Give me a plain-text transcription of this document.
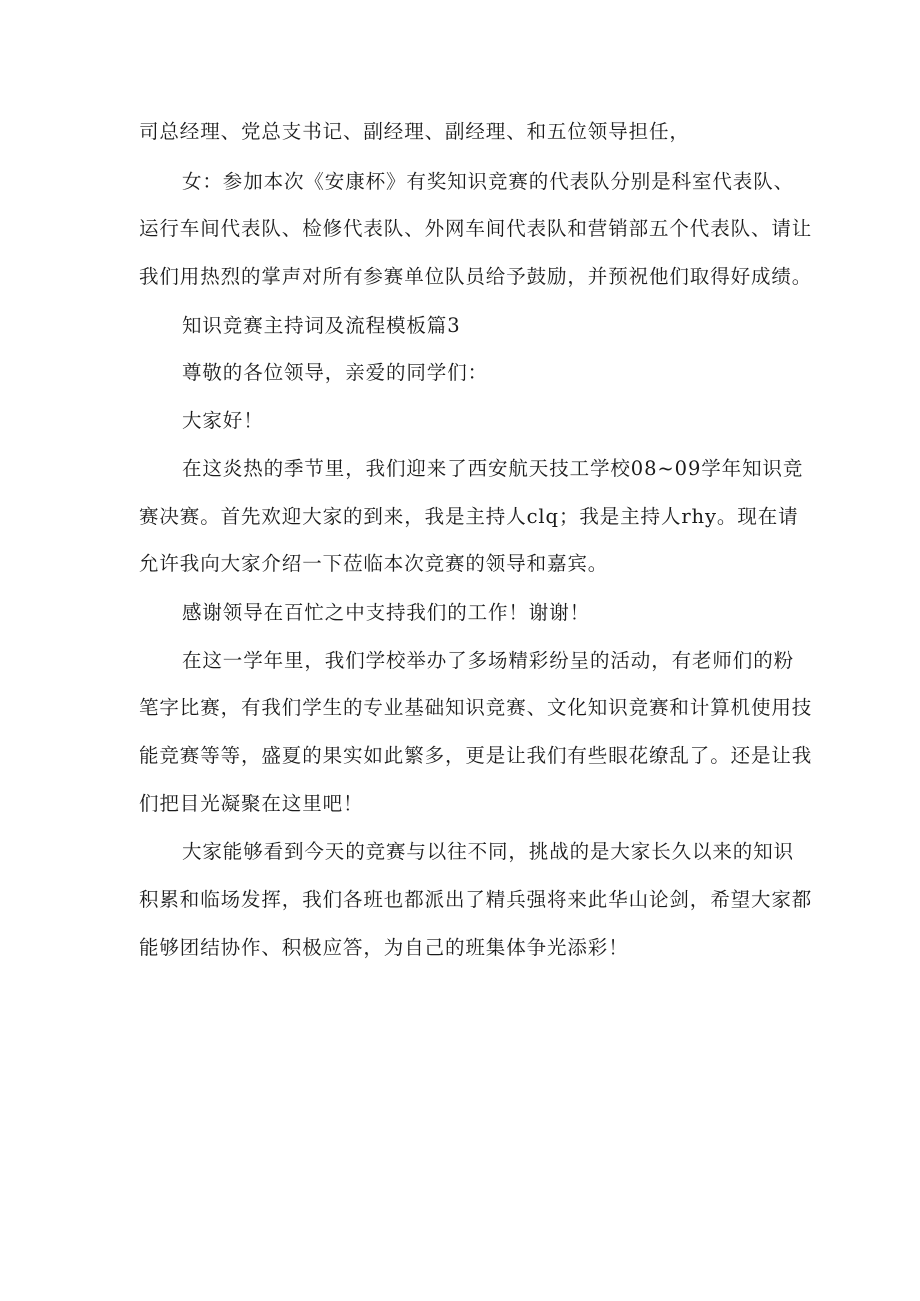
司总经理、党总支书记、副经理、副经理、和五位领导担任，
女：参加本次《安康杯》有奖知识竞赛的代表队分别是科室代表队、
运行车间代表队、检修代表队、外网车间代表队和营销部五个代表队、请让
我们用热烈的掌声对所有参赛单位队员给予鼓励，并预祝他们取得好成绩。
知识竞赛主持词及流程模板篇3
尊敬的各位领导，亲爱的同学们：
大家好！
在这炎热的季节里，我们迎来了西安航天技工学校08~09学年知识竞
赛决赛。首先欢迎大家的到来，我是主持人clq；我是主持人rhy。现在请
允许我向大家介绍一下莅临本次竞赛的领导和嘉宾。
感谢领导在百忙之中支持我们的工作！谢谢！
在这一学年里，我们学校举办了多场精彩纷呈的活动，有老师们的粉
笔字比赛，有我们学生的专业基础知识竞赛、文化知识竞赛和计算机使用技
能竞赛等等，盛夏的果实如此繁多，更是让我们有些眼花缭乱了。还是让我
们把目光凝聚在这里吧！
大家能够看到今天的竞赛与以往不同，挑战的是大家长久以来的知识
积累和临场发挥，我们各班也都派出了精兵强将来此华山论剑，希望大家都
能够团结协作、积极应答，为自己的班集体争光添彩！
